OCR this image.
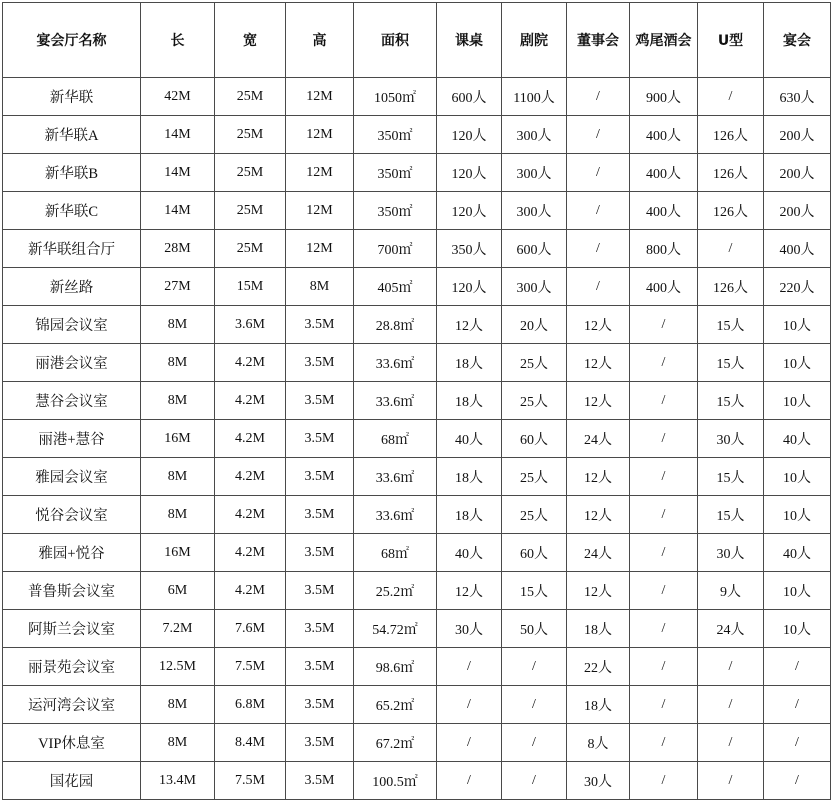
宴会厅名称	长	宽	高	面积	课桌	剧院	董事会	鸡尾酒会	U型	宴会
新华联	42M	25M	12M	1050㎡	600人	1100人	/	900人	/	630人
新华联A	14M	25M	12M	350㎡	120人	300人	/	400人	126人	200人
新华联B	14M	25M	12M	350㎡	120人	300人	/	400人	126人	200人
新华联C	14M	25M	12M	350㎡	120人	300人	/	400人	126人	200人
新华联组合厅	28M	25M	12M	700㎡	350人	600人	/	800人	/	400人
新丝路	27M	15M	8M	405㎡	120人	300人	/	400人	126人	220人
锦园会议室	8M	3.6M	3.5M	28.8㎡	12人	20人	12人	/	15人	10人
丽港会议室	8M	4.2M	3.5M	33.6㎡	18人	25人	12人	/	15人	10人
慧谷会议室	8M	4.2M	3.5M	33.6㎡	18人	25人	12人	/	15人	10人
丽港+慧谷	16M	4.2M	3.5M	68㎡	40人	60人	24人	/	30人	40人
雅园会议室	8M	4.2M	3.5M	33.6㎡	18人	25人	12人	/	15人	10人
悦谷会议室	8M	4.2M	3.5M	33.6㎡	18人	25人	12人	/	15人	10人
雅园+悦谷	16M	4.2M	3.5M	68㎡	40人	60人	24人	/	30人	40人
普鲁斯会议室	6M	4.2M	3.5M	25.2㎡	12人	15人	12人	/	9人	10人
阿斯兰会议室	7.2M	7.6M	3.5M	54.72㎡	30人	50人	18人	/	24人	10人
丽景苑会议室	12.5M	7.5M	3.5M	98.6㎡	/	/	22人	/	/	/
运河湾会议室	8M	6.8M	3.5M	65.2㎡	/	/	18人	/	/	/
VIP休息室	8M	8.4M	3.5M	67.2㎡	/	/	8人	/	/	/
国花园	13.4M	7.5M	3.5M	100.5㎡	/	/	30人	/	/	/
